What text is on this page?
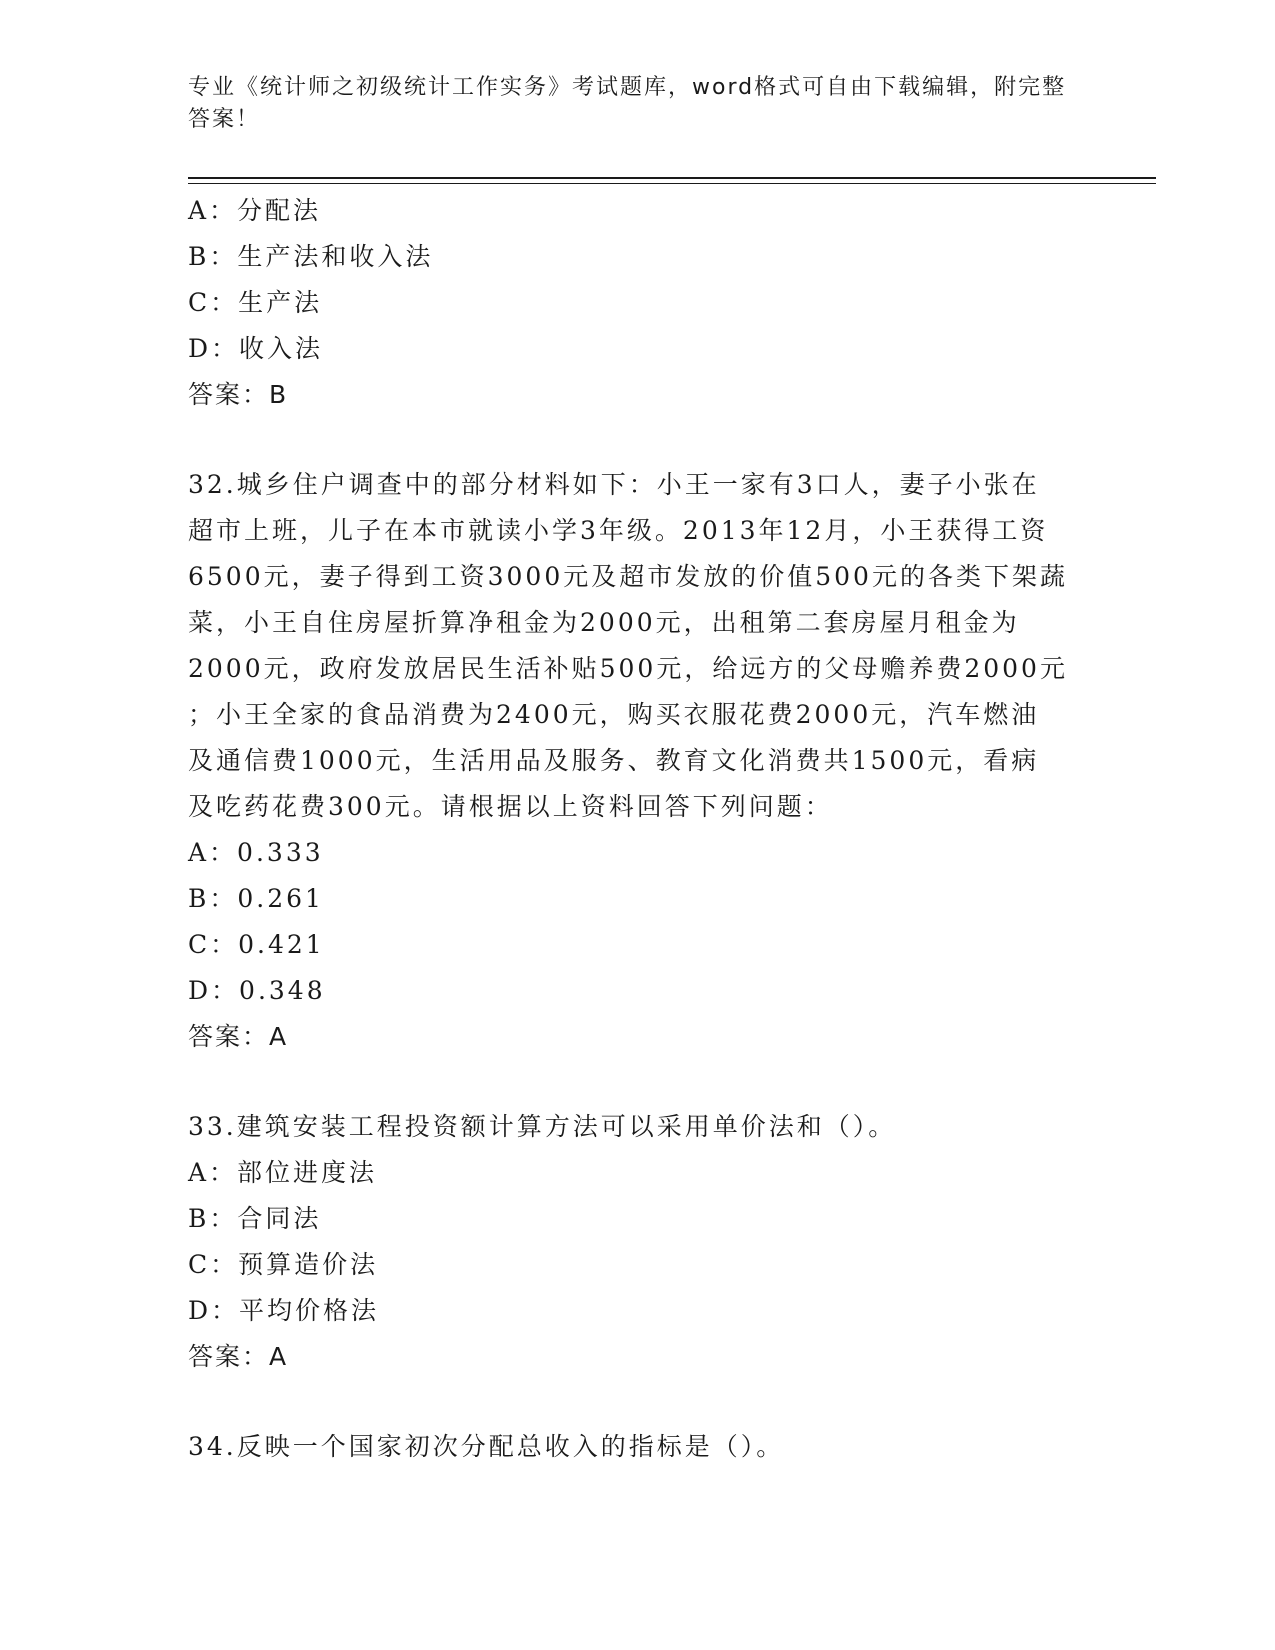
专业《统计师之初级统计工作实务》考试题库，word格式可自由下载编辑，附完整答案！
A：分配法
B：生产法和收入法
C：生产法
D：收入法
答案：B
32.城乡住户调查中的部分材料如下：小王一家有3口人，妻子小张在
超市上班，儿子在本市就读小学3年级。2013年12月，小王获得工资
6500元，妻子得到工资3000元及超市发放的价值500元的各类下架蔬
菜，小王自住房屋折算净租金为2000元，出租第二套房屋月租金为
2000元，政府发放居民生活补贴500元，给远方的父母赡养费2000元
；小王全家的食品消费为2400元，购买衣服花费2000元，汽车燃油
及通信费1000元，生活用品及服务、教育文化消费共1500元，看病
及吃药花费300元。请根据以上资料回答下列问题：
A：0.333
B：0.261
C：0.421
D：0.348
答案：A
33.建筑安装工程投资额计算方法可以采用单价法和（）。
A：部位进度法
B：合同法
C：预算造价法
D：平均价格法
答案：A
34.反映一个国家初次分配总收入的指标是（）。
